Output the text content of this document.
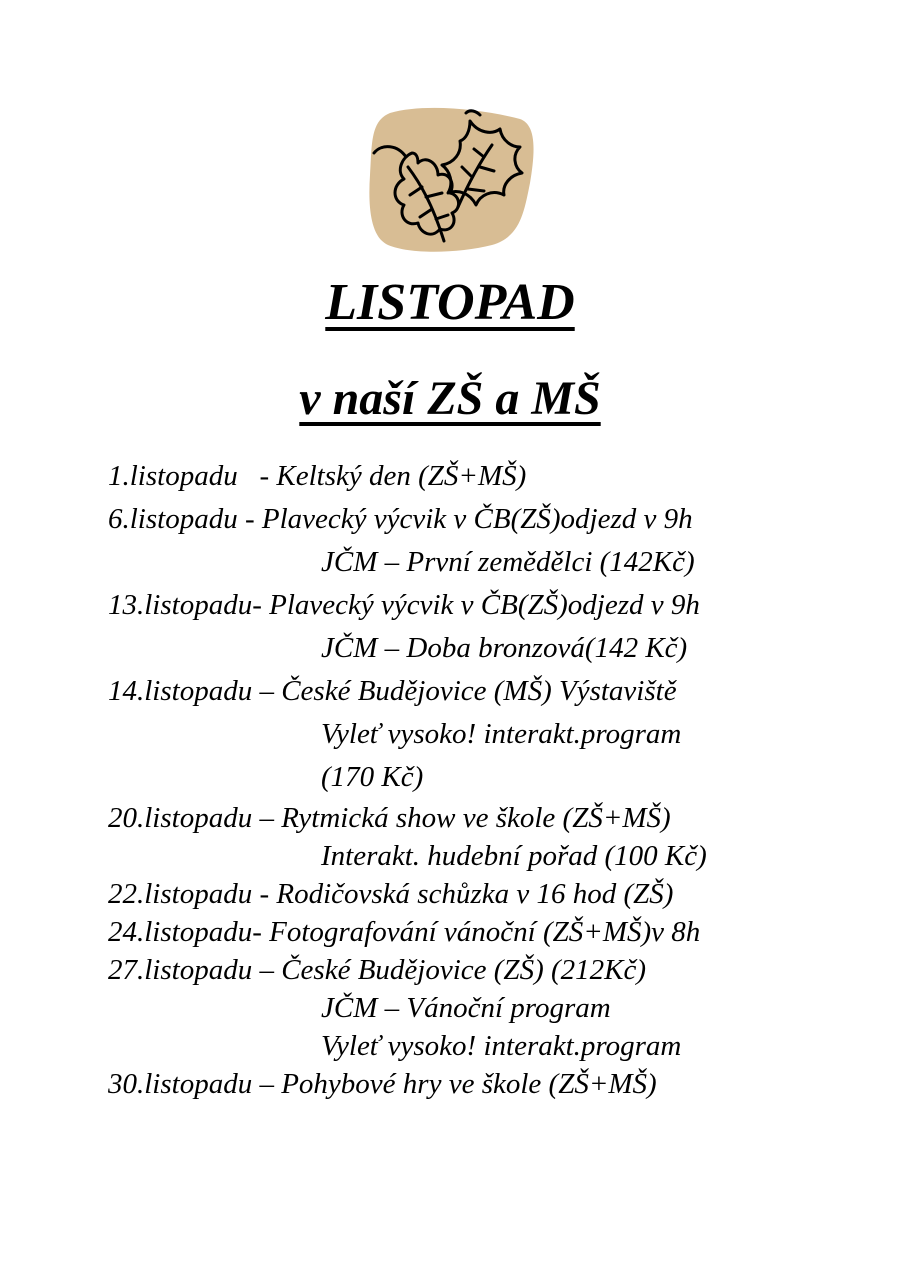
LISTOPAD
v naší ZŠ a MŠ
1.listopadu   - Keltský den (ZŠ+MŠ)
6.listopadu - Plavecký výcvik v ČB(ZŠ)odjezd v 9h
JČM – První zemědělci (142Kč)
13.listopadu- Plavecký výcvik v ČB(ZŠ)odjezd v 9h
JČM – Doba bronzová(142 Kč)
14.listopadu – České Budějovice (MŠ) Výstaviště
Vyleť vysoko! interakt.program
(170 Kč)
20.listopadu – Rytmická show ve škole (ZŠ+MŠ)
Interakt. hudební pořad (100 Kč)
22.listopadu - Rodičovská schůzka v 16 hod (ZŠ)
24.listopadu- Fotografování vánoční (ZŠ+MŠ)v 8h
27.listopadu – České Budějovice (ZŠ) (212Kč)
JČM – Vánoční program
Vyleť vysoko! interakt.program
30.listopadu – Pohybové hry ve škole (ZŠ+MŠ)
